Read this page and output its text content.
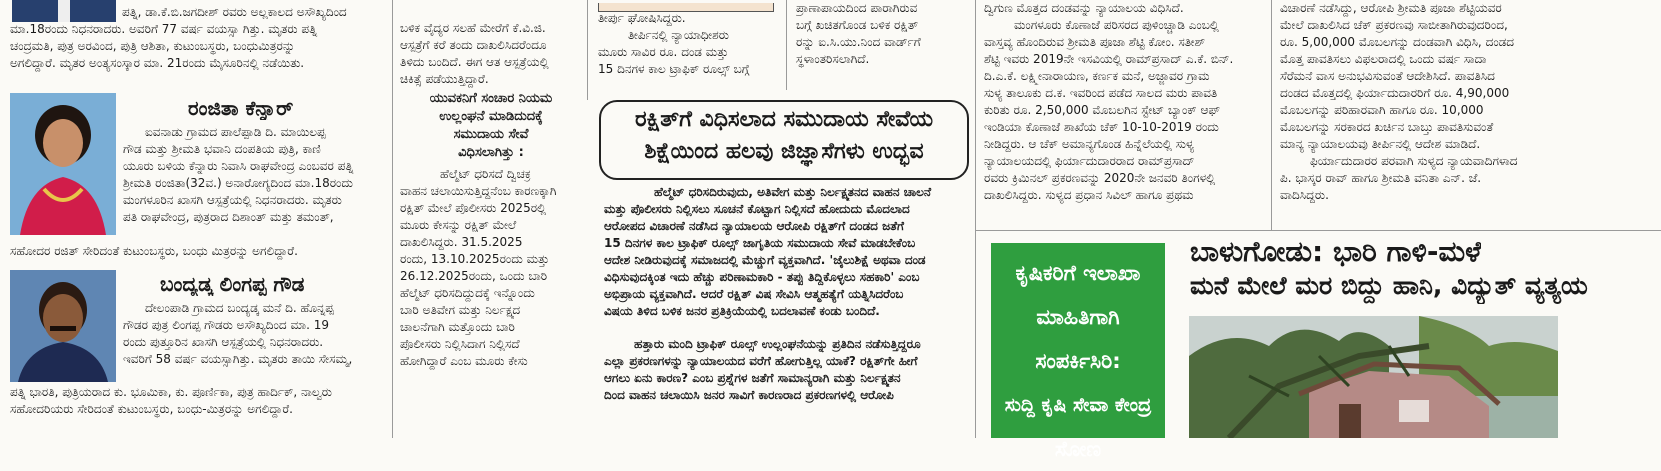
ಪತ್ನಿ, ಡಾ.ಕೆ.ಬಿ.ಜಗದೀಶ್ ರವರು ಅಲ್ಲಕಾಲದ ಅಸೌಖ್ಯದಿಂದ

ಮಾ.18ರಂದು ನಿಧನರಾದರು. ಅವರಿಗೆ 77 ವರ್ಷ ವಯಸ್ಸಾ ಗಿತ್ತು. ಮೃತರು ಪತ್ನಿ

ಚಂದ್ರಮತಿ, ಪುತ್ರ ಅರವಿಂದ, ಪುತ್ರಿ ಆಶಿತಾ, ಕುಟುಂಬಸ್ಥರು, ಬಂಧುಮಿತ್ರರನ್ನು

ಅಗಲಿದ್ದಾರೆ. ಮೃತರ ಅಂತ್ಯಸಂಸ್ಕಾರ ಮಾ. 21ರಂದು ಮೈಸೂರಿನಲ್ಲಿ ನಡೆಯಿತು.

ರಂಜಿತಾ ಕೆನ್ನಾರ್

ಐವನಾಡು ಗ್ರಾಮದ ಪಾಲೆಪ್ಪಾಡಿ ದಿ. ಮಾಯಿಲಪ್ಪ

ಗೌಡ ಮತ್ತು ಶ್ರೀಮತಿ ಭವಾನಿ ದಂಪತಿಯ ಪುತ್ರಿ, ಕಾಣಿ

ಯೂರು ಬಳಿಯ ಕೆನ್ನಾರು ನಿವಾಸಿ ರಾಘವೇಂದ್ರ ಎಂಬವರ ಪತ್ನಿ

ಶ್ರೀಮತಿ ರಂಜಿತಾ(32ವ.) ಅನಾರೋಗ್ಯದಿಂದ ಮಾ.18ರಂದು

ಮಂಗಳೂರಿನ ಖಾಸಗಿ ಆಸ್ಪತ್ರೆಯಲ್ಲಿ ನಿಧನರಾದರು. ಮೃತರು

ಪತಿ ರಾಘವೇಂದ್ರ, ಪುತ್ರರಾದ ದಿಶಾಂತ್ ಮತ್ತು ತಮಂತ್,

ಸಹೋದರ ರಜಿತ್ ಸೇರಿದಂತೆ ಕುಟುಂಬಸ್ಥರು, ಬಂಧು ಮಿತ್ರರನ್ನು ಅಗಲಿದ್ದಾರೆ.

ಬಂದ್ಯಡ್ಕ ಲಿಂಗಪ್ಪ ಗೌಡ

ದೇಲಂಪಾಡಿ ಗ್ರಾಮದ ಬಂದ್ಯಡ್ಕ ಮನೆ ದಿ. ಹೊನ್ನಪ್ಪ

ಗೌಡರ ಪುತ್ರ ಲಿಂಗಪ್ಪ ಗೌಡರು ಅಸೌಖ್ಯದಿಂದ ಮಾ. 19

ರಂದು ಪುತ್ತೂರಿನ ಖಾಸಗಿ ಆಸ್ಪತ್ರೆಯಲ್ಲಿ ನಿಧನರಾದರು.

ಇವರಿಗೆ 58 ವರ್ಷ ವಯಸ್ಸಾಗಿತ್ತು. ಮೃತರು ತಾಯಿ ಸೇಸಮ್ಮ,

ಪತ್ನಿ ಭಾರತಿ, ಪುತ್ರಿಯರಾದ ಕು. ಭೂಮಿಕಾ, ಕು. ಪೂರ್ಣಿಕಾ, ಪುತ್ರ ಹಾರ್ದಿಕ್, ನಾಲ್ವರು

ಸಹೋದರಿಯರು ಸೇರಿದಂತೆ ಕುಟುಂಬಸ್ಥರು, ಬಂಧು-ಮಿತ್ರರನ್ನು ಅಗಲಿದ್ದಾರೆ.

ಬಳಿಕ ವೈದ್ಯರ ಸಲಹೆ ಮೇರೆಗೆ ಕೆ.ವಿ.ಜಿ.

ಆಸ್ಪತ್ರೆಗೆ ಕರೆ ತಂದು ದಾಖಲಿಸಿದರೆಂದೂ

ತಿಳಿದು ಬಂದಿದೆ. ಈಗ ಆತ ಆಸ್ಪತ್ರೆಯಲ್ಲಿ

ಚಿಕಿತ್ಸೆ ಪಡೆಯುತ್ತಿದ್ದಾರೆ.

ಯುವಕನಿಗೆ ಸಂಚಾರ ನಿಯಮ

ಉಲ್ಲಂಘನೆ ಮಾಡಿದುದಕ್ಕೆ

ಸಮುದಾಯ ಸೇವೆ

ವಿಧಿಸಲಾಗಿತ್ತು :

ಹೆಲ್ಮೆಟ್ ಧರಿಸದೆ ದ್ವಿಚಕ್ರ

ವಾಹನ ಚಲಾಯಿಸುತ್ತಿದ್ದನೆಂಬ ಕಾರಣಕ್ಕಾಗಿ

ರಕ್ಷಿತ್ ಮೇಲೆ ಪೊಲೀಸರು 2025ರಲ್ಲಿ

ಮೂರು ಕೇಸನ್ನು ರಕ್ಷಿತ್ ಮೇಲೆ

ದಾಖಲಿಸಿದ್ದರು. 31.5.2025

ರಂದು, 13.10.2025ರಂದು ಮತ್ತು

26.12.2025ರಂದು, ಒಂದು ಬಾರಿ

ಹೆಲ್ಮೆಟ್ ಧರಿಸದಿದ್ದುದಕ್ಕೆ ಇನ್ನೊಂದು

ಬಾರಿ ಅತಿವೇಗ ಮತ್ತು ನಿರ್ಲಕ್ಷ್ಯದ

ಚಾಲನೆಗಾಗಿ ಮತ್ತೊಂದು ಬಾರಿ

ಪೊಲೀಸರು ನಿಲ್ಲಿಸಿದಾಗ ನಿಲ್ಲಿಸದೆ

ಹೋಗಿದ್ದಾರೆ ಎಂಬ ಮೂರು ಕೇಸು

ತೀರ್ಪು ಘೋಷಿಸಿದ್ದರು.

ತೀರ್ಪಿನಲ್ಲಿ ನ್ಯಾಯಾಧೀಶರು

ಮೂರು ಸಾವಿರ ರೂ. ದಂಡ ಮತ್ತು

15 ದಿನಗಳ ಕಾಲ ಟ್ರಾಫಿಕ್ ರೂಲ್ಸ್ ಬಗ್ಗೆ

ಪ್ರಾಣಾಪಾಯದಿಂದ ಪಾರಾಗಿರುವ

ಬಗ್ಗೆ ಖಚಿತಗೊಂಡ ಬಳಿಕ ರಕ್ಷಿತ್

ರನ್ನು ಐ.ಸಿ.ಯು.ನಿಂದ ವಾರ್ಡ್‌ಗೆ

ಸ್ಥಳಾಂತರಿಸಲಾಗಿದೆ.

ರಕ್ಷಿತ್‌ಗೆ ವಿಧಿಸಲಾದ ಸಮುದಾಯ ಸೇವೆಯ
ಶಿಕ್ಷೆಯಿಂದ ಹಲವು ಜಿಜ್ಞಾಸೆಗಳು ಉದ್ಭವ

ಹೆಲ್ಮೆಟ್ ಧರಿಸದಿರುವುದು, ಅತಿವೇಗ ಮತ್ತು ನಿರ್ಲಕ್ಷ್ಯತನದ ವಾಹನ ಚಾಲನೆ

ಮತ್ತು ಪೊಲೀಸರು ನಿಲ್ಲಿಸಲು ಸೂಚನೆ ಕೊಟ್ಟಾಗ ನಿಲ್ಲಿಸದೆ ಹೋದುದು ಮೊದಲಾದ

ಆರೋಪದ ವಿಚಾರಣೆ ನಡೆಸಿದ ನ್ಯಾಯಾಲಯ ಆರೋಪಿ ರಕ್ಷಿತ್‌ಗೆ ದಂಡದ ಜತೆಗೆ

15 ದಿನಗಳ ಕಾಲ ಟ್ರಾಫಿಕ್ ರೂಲ್ಸ್ ಜಾಗೃತಿಯ ಸಮುದಾಯ ಸೇವೆ ಮಾಡಬೇಕೆಂಬ

ಆದೇಶ ನೀಡಿರುವುದಕ್ಕೆ ಸಮಾಜದಲ್ಲಿ ಮೆಚ್ಚುಗೆ ವ್ಯಕ್ತವಾಗಿದೆ. 'ಜೈಲುಶಿಕ್ಷೆ ಅಥವಾ ದಂಡ

ವಿಧಿಸುವುದಕ್ಕಿಂತ ಇದು ಹೆಚ್ಚು ಪರಿಣಾಮಕಾರಿ - ತಪ್ಪು ತಿದ್ದಿಕೊಳ್ಳಲು ಸಹಕಾರಿ' ಎಂಬ

ಅಭಿಪ್ರಾಯ ವ್ಯಕ್ತವಾಗಿದೆ. ಆದರೆ ರಕ್ಷಿತ್ ವಿಷ ಸೇವಿಸಿ ಆತ್ಮಹತ್ಯೆಗೆ ಯತ್ನಿಸಿದರೆಂಬ

ವಿಷಯ ತಿಳಿದ ಬಳಿಕ ಜನರ ಪ್ರತಿಕ್ರಿಯೆಯಲ್ಲಿ ಬದಲಾವಣೆ ಕಂಡು ಬಂದಿದೆ.

ಹತ್ತಾರು ಮಂದಿ ಟ್ರಾಫಿಕ್ ರೂಲ್ಸ್ ಉಲ್ಲಂಘನೆಯನ್ನು ಪ್ರತಿದಿನ ನಡೆಸುತ್ತಿದ್ದರೂ

ಎಲ್ಲಾ ಪ್ರಕರಣಗಳನ್ನು ನ್ಯಾಯಾಲಯದ ವರೆಗೆ ಹೋಗುತ್ತಿಲ್ಲ ಯಾಕೆ? ರಕ್ಷಿತ್‌ಗೇ ಹೀಗೆ

ಆಗಲು ಏನು ಕಾರಣ? ಎಂಬ ಪ್ರಶ್ನೆಗಳ ಜತೆಗೆ ಸಾಮಾನ್ಯರಾಗಿ ಮತ್ತು ನಿರ್ಲಕ್ಷ್ಯತನ

ದಿಂದ ವಾಹನ ಚಲಾಯಿಸಿ ಜನರ ಸಾವಿಗೆ ಕಾರಣರಾದ ಪ್ರಕರಣಗಳಲ್ಲಿ ಆರೋಪಿ

ದ್ವಿಗುಣ ಮೊತ್ತದ ದಂಡವನ್ನು ನ್ಯಾಯಾಲಯ ವಿಧಿಸಿದೆ.

ಮಂಗಳೂರು ಕೊಣಾಜೆ ಪರಿಸರದ ಪುಳಿಂಚ್ಚಾಡಿ ಎಂಬಲ್ಲಿ

ವಾಸ್ತವ್ಯ ಹೊಂದಿರುವ ಶ್ರೀಮತಿ ಪೂಜಾ ಶೆಟ್ಟಿ ಕೋಂ. ಸತೀಶ್

ಶೆಟ್ಟಿ ಇವರು 2019ನೇ ಇಸವಿಯಲ್ಲಿ ರಾಮ್‌ಪ್ರಸಾದ್ ಎ.ಕೆ. ಬಿನ್.

ದಿ.ಎ.ಕೆ. ಲಕ್ಷ್ಮೀನಾರಾಯಣ, ಕರ್ಣಕ ಮನೆ, ಅಜ್ಜಾವರ ಗ್ರಾಮ

ಸುಳ್ಯ ತಾಲೂಕು ದ.ಕ. ಇವರಿಂದ ಪಡೆದ ಸಾಲದ ಮರು ಪಾವತಿ

ಕುರಿತು ರೂ. 2,50,000 ಮೊಬಲಗಿನ ಸ್ಟೇಟ್ ಬ್ಯಾಂಕ್ ಆಫ್

ಇಂಡಿಯಾ ಕೊಣಾಜೆ ಶಾಖೆಯ ಚೆಕ್ 10-10-2019 ರಂದು

ನೀಡಿದ್ದರು. ಆ ಚೆಕ್ ಅಮಾನ್ಯಗೊಂಡ ಹಿನ್ನೆಲೆಯಲ್ಲಿ ಸುಳ್ಯ

ನ್ಯಾಯಾಲಯದಲ್ಲಿ ಫಿರ್ಯಾದುದಾರರಾದ ರಾಮ್‌ಪ್ರಸಾದ್

ರವರು ಕ್ರಿಮಿನಲ್ ಪ್ರಕರಣವನ್ನು 2020ನೇ ಜನವರಿ ತಿಂಗಳಲ್ಲಿ

ದಾಖಲಿಸಿದ್ದರು. ಸುಳ್ಯದ ಪ್ರಧಾನ ಸಿವಿಲ್ ಹಾಗೂ ಪ್ರಥಮ

ವಿಚಾರಣೆ ನಡೆಸಿದ್ದು, ಆರೋಪಿ ಶ್ರೀಮತಿ ಪೂಜಾ ಶೆಟ್ಟಿಯವರ

ಮೇಲೆ ದಾಖಲಿಸಿದ ಚೆಕ್ ಪ್ರಕರಣವು ಸಾಬೀತಾಗಿರುವುದರಿಂದ,

ರೂ. 5,00,000 ಮೊಬಲಗನ್ನು ದಂಡವಾಗಿ ವಿಧಿಸಿ, ದಂಡದ

ಮೊತ್ತ ಪಾವತಿಸಲು ವಿಫಲರಾದಲ್ಲಿ ಒಂದು ವರ್ಷ ಸಾದಾ

ಸೆರೆಮನೆ ವಾಸ ಅನುಭವಿಸುವಂತೆ ಆದೇಶಿಸಿದೆ. ಪಾವತಿಸಿದ

ದಂಡದ ಮೊತ್ತದಲ್ಲಿ ಫಿರ್ಯಾದುದಾರರಿಗೆ ರೂ. 4,90,000

ಮೊಬಲಗನ್ನು ಪರಿಹಾರವಾಗಿ ಹಾಗೂ ರೂ. 10,000

ಮೊಬಲಗನ್ನು ಸರಕಾರದ ಖರ್ಚಿನ ಬಾಬ್ತು ಪಾವತಿಸುವಂತೆ

ಮಾನ್ಯ ನ್ಯಾಯಾಲಯವು ತೀರ್ಪಿನಲ್ಲಿ ಆದೇಶ ಮಾಡಿದೆ.

ಫಿರ್ಯಾದುದಾರರ ಪರವಾಗಿ ಸುಳ್ಯದ ನ್ಯಾಯವಾದಿಗಳಾದ

ಪಿ. ಭಾಸ್ಕರ ರಾವ್ ಹಾಗೂ ಶ್ರೀಮತಿ ವನಿತಾ ಎನ್. ಜೆ.

ವಾದಿಸಿದ್ದರು.

ಕೃಷಿಕರಿಗೆ ಇಲಾಖಾ
ಮಾಹಿತಿಗಾಗಿ
ಸಂಪರ್ಕಿಸಿರಿ:
ಸುದ್ದಿ ಕೃಷಿ ಸೇವಾ ಕೇಂದ್ರ
ಸೋಣ
ಬಾಳುಗೋಡು: ಭಾರಿ ಗಾಳಿ-ಮಳೆ
ಮನೆ ಮೇಲೆ ಮರ ಬಿದ್ದು ಹಾನಿ, ವಿದ್ಯುತ್ ವ್ಯತ್ಯಯ
